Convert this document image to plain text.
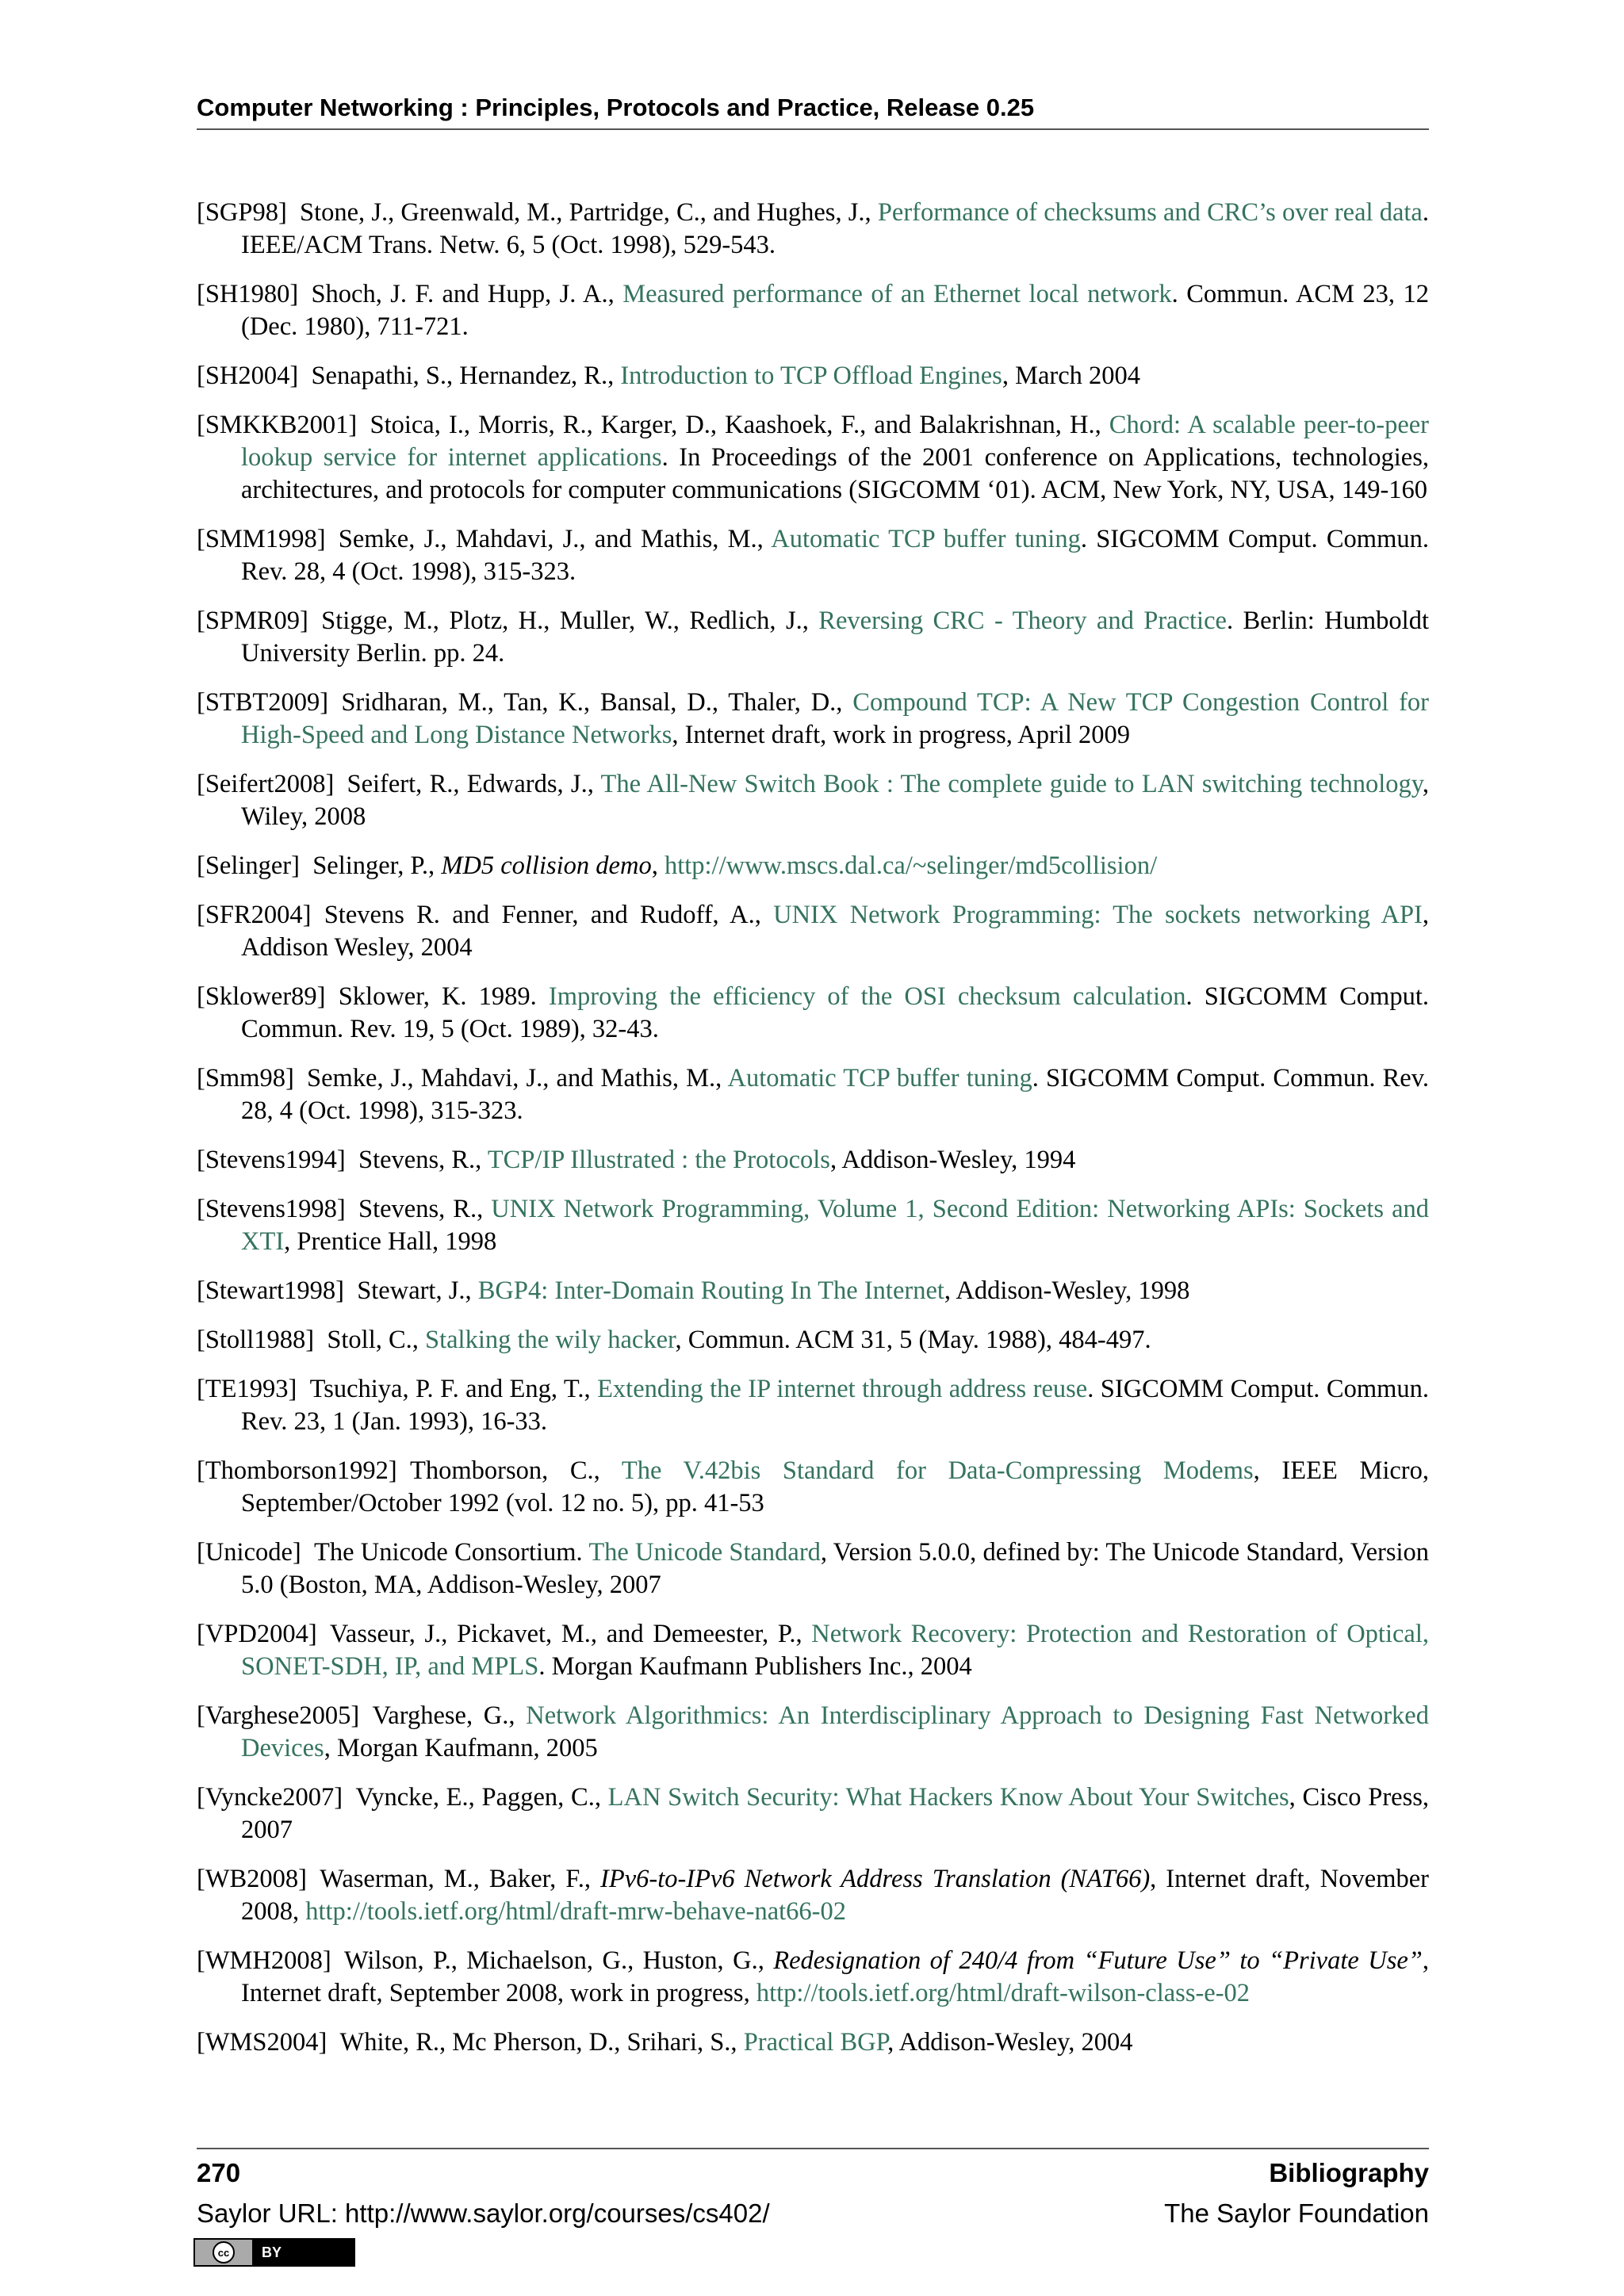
Computer Networking : Principles, Protocols and Practice, Release 0.25

[SGP98]  Stone, J., Greenwald, M., Partridge, C., and Hughes, J., Performance of checksums and CRC’s over real data. IEEE/ACM Trans. Netw. 6, 5 (Oct. 1998), 529-543.

[SH1980]  Shoch, J. F. and Hupp, J. A., Measured performance of an Ethernet local network. Commun. ACM 23, 12 (Dec. 1980), 711-721.

[SH2004]  Senapathi, S., Hernandez, R., Introduction to TCP Offload Engines, March 2004

[SMKKB2001]  Stoica, I., Morris, R., Karger, D., Kaashoek, F., and Balakrishnan, H., Chord: A scalable peer-to-peer lookup service for internet applications. In Proceedings of the 2001 conference on Applications, technologies, architectures, and protocols for computer communications (SIGCOMM ‘01). ACM, New York, NY, USA, 149-160

[SMM1998]  Semke, J., Mahdavi, J., and Mathis, M., Automatic TCP buffer tuning. SIGCOMM Comput. Commun. Rev. 28, 4 (Oct. 1998), 315-323.

[SPMR09]  Stigge, M., Plotz, H., Muller, W., Redlich, J., Reversing CRC - Theory and Practice. Berlin: Humboldt University Berlin. pp. 24.

[STBT2009]  Sridharan, M., Tan, K., Bansal, D., Thaler, D., Compound TCP: A New TCP Congestion Control for High-Speed and Long Distance Networks, Internet draft, work in progress, April 2009

[Seifert2008]  Seifert, R., Edwards, J., The All-New Switch Book : The complete guide to LAN switching technology, Wiley, 2008

[Selinger]  Selinger, P., MD5 collision demo, http://www.mscs.dal.ca/~selinger/md5collision/

[SFR2004]  Stevens R. and Fenner, and Rudoff, A., UNIX Network Programming: The sockets networking API, Addison Wesley, 2004

[Sklower89]  Sklower, K. 1989. Improving the efficiency of the OSI checksum calculation. SIGCOMM Comput. Commun. Rev. 19, 5 (Oct. 1989), 32-43.

[Smm98]  Semke, J., Mahdavi, J., and Mathis, M., Automatic TCP buffer tuning. SIGCOMM Comput. Commun. Rev. 28, 4 (Oct. 1998), 315-323.

[Stevens1994]  Stevens, R., TCP/IP Illustrated : the Protocols, Addison-Wesley, 1994

[Stevens1998]  Stevens, R., UNIX Network Programming, Volume 1, Second Edition: Networking APIs: Sockets and XTI, Prentice Hall, 1998

[Stewart1998]  Stewart, J., BGP4: Inter-Domain Routing In The Internet, Addison-Wesley, 1998

[Stoll1988]  Stoll, C., Stalking the wily hacker, Commun. ACM 31, 5 (May. 1988), 484-497.

[TE1993]  Tsuchiya, P. F. and Eng, T., Extending the IP internet through address reuse. SIGCOMM Comput. Commun. Rev. 23, 1 (Jan. 1993), 16-33.

[Thomborson1992]  Thomborson, C., The V.42bis Standard for Data-Compressing Modems, IEEE Micro, September/October 1992 (vol. 12 no. 5), pp. 41-53

[Unicode]  The Unicode Consortium. The Unicode Standard, Version 5.0.0, defined by: The Unicode Standard, Version 5.0 (Boston, MA, Addison-Wesley, 2007

[VPD2004]  Vasseur, J., Pickavet, M., and Demeester, P., Network Recovery: Protection and Restoration of Optical, SONET-SDH, IP, and MPLS. Morgan Kaufmann Publishers Inc., 2004

[Varghese2005]  Varghese, G., Network Algorithmics: An Interdisciplinary Approach to Designing Fast Networked Devices, Morgan Kaufmann, 2005

[Vyncke2007]  Vyncke, E., Paggen, C., LAN Switch Security: What Hackers Know About Your Switches, Cisco Press, 2007

[WB2008]  Waserman, M., Baker, F., IPv6-to-IPv6 Network Address Translation (NAT66), Internet draft, November 2008, http://tools.ietf.org/html/draft-mrw-behave-nat66-02

[WMH2008]  Wilson, P., Michaelson, G., Huston, G., Redesignation of 240/4 from “Future Use” to “Private Use”, Internet draft, September 2008, work in progress, http://tools.ietf.org/html/draft-wilson-class-e-02

[WMS2004]  White, R., Mc Pherson, D., Srihari, S., Practical BGP, Addison-Wesley, 2004

270	Bibliography
Saylor URL: http://www.saylor.org/courses/cs402/	The Saylor Foundation
cc	BY
